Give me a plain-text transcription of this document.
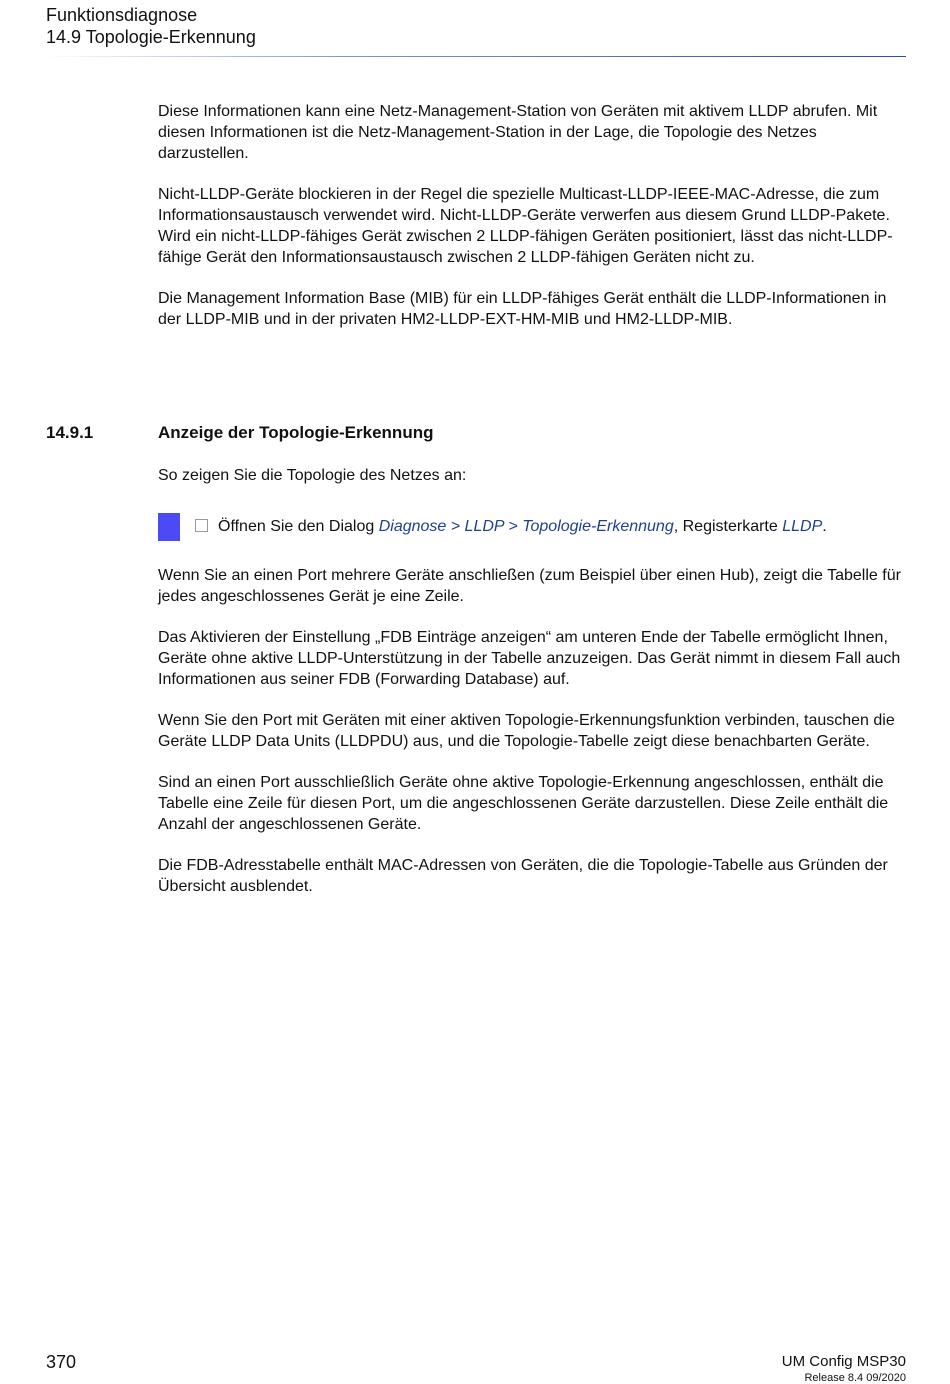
Funktionsdiagnose
14.9 Topologie-Erkennung

Diese Informationen kann eine Netz-Management-Station von Geräten mit aktivem LLDP abrufen. Mit diesen Informationen ist die Netz-Management-Station in der Lage, die Topologie des Netzes darzustellen.

Nicht-LLDP-Geräte blockieren in der Regel die spezielle Multicast-LLDP-IEEE-MAC-Adresse, die zum Informationsaustausch verwendet wird. Nicht-LLDP-Geräte verwerfen aus diesem Grund LLDP-Pakete. Wird ein nicht-LLDP-fähiges Gerät zwischen 2 LLDP-fähigen Geräten positioniert, lässt das nicht-LLDP-fähige Gerät den Informationsaustausch zwischen 2 LLDP-fähigen Geräten nicht zu.

Die Management Information Base (MIB) für ein LLDP-fähiges Gerät enthält die LLDP-Informationen in der LLDP-MIB und in der privaten HM2-LLDP-EXT-HM-MIB und HM2-LLDP-MIB.

14.9.1	Anzeige der Topologie-Erkennung

So zeigen Sie die Topologie des Netzes an:

Öffnen Sie den Dialog Diagnose > LLDP > Topologie-Erkennung, Registerkarte LLDP.

Wenn Sie an einen Port mehrere Geräte anschließen (zum Beispiel über einen Hub), zeigt die Tabelle für jedes angeschlossenes Gerät je eine Zeile.

Das Aktivieren der Einstellung „FDB Einträge anzeigen“ am unteren Ende der Tabelle ermöglicht Ihnen, Geräte ohne aktive LLDP-Unterstützung in der Tabelle anzuzeigen. Das Gerät nimmt in diesem Fall auch Informationen aus seiner FDB (Forwarding Database) auf.

Wenn Sie den Port mit Geräten mit einer aktiven Topologie-Erkennungsfunktion verbinden, tauschen die Geräte LLDP Data Units (LLDPDU) aus, und die Topologie-Tabelle zeigt diese benachbarten Geräte.

Sind an einen Port ausschließlich Geräte ohne aktive Topologie-Erkennung angeschlossen, enthält die Tabelle eine Zeile für diesen Port, um die angeschlossenen Geräte darzustellen. Diese Zeile enthält die Anzahl der angeschlossenen Geräte.

Die FDB-Adresstabelle enthält MAC-Adressen von Geräten, die die Topologie-Tabelle aus Gründen der Übersicht ausblendet.

370	UM Config MSP30
Release 8.4 09/2020
